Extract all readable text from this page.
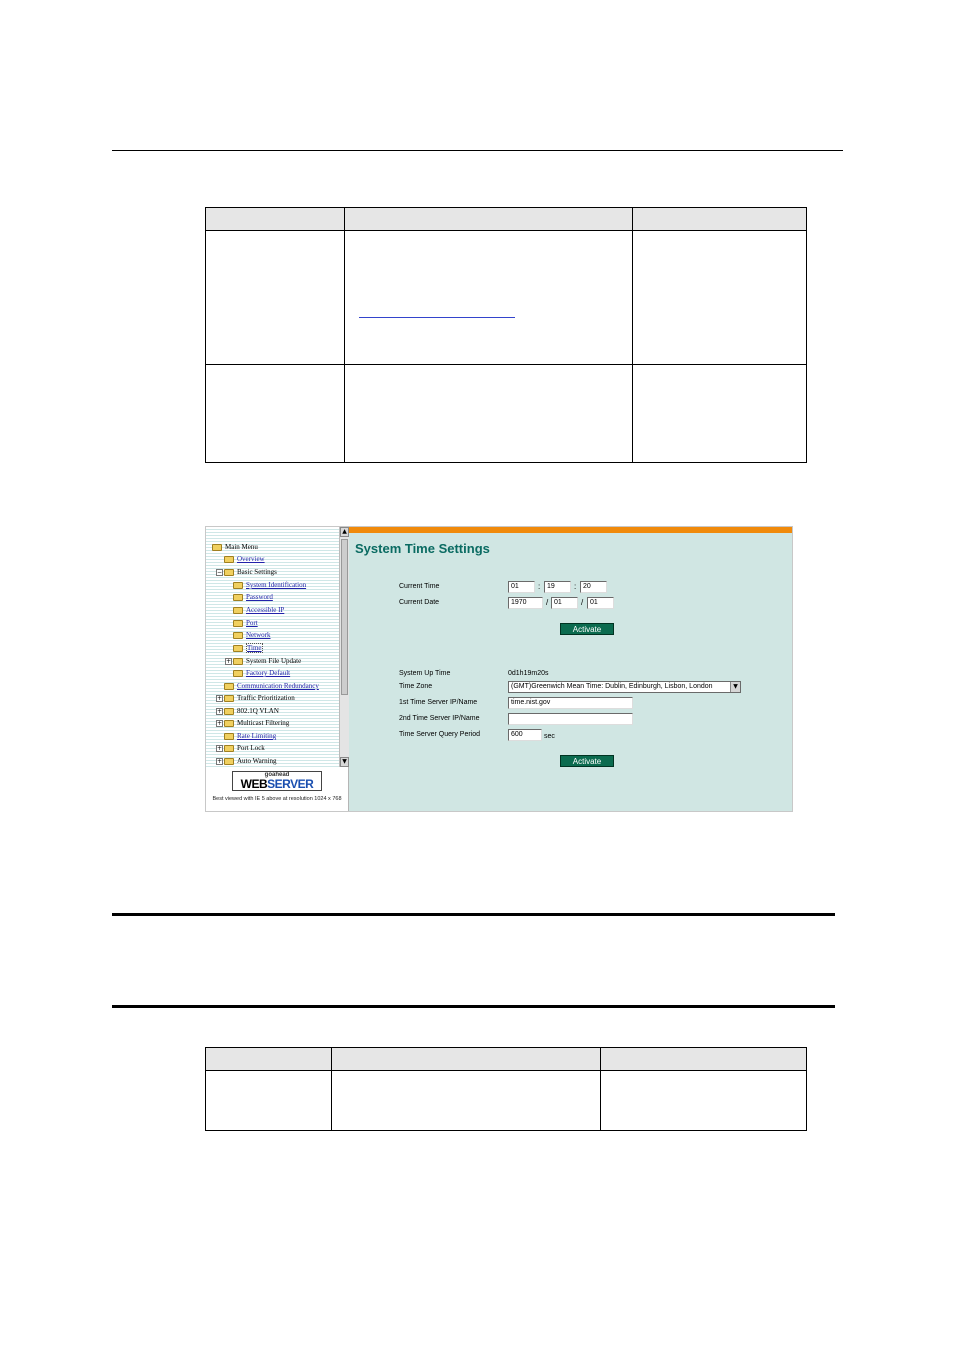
Main Menu
Overview
− Basic Settings
System Identification
Password
Accessible IP
Port
Network
Time
+ System File Update
Factory Default
Communication Redundancy
+ Traffic Prioritization
+ 802.1Q VLAN
+ Multicast Filtering
Rate Limiting
+ Port Lock
+ Auto Warning
▲
▼
goahead
WEBSERVER
Best viewed with IE 5 above at resolution 1024 x 768
System Time Settings
Current Time	01	: 19	: 20
Current Date	1970	/ 01	/ 01
Activate
System Up Time	0d1h19m20s
Time Zone	(GMT)Greenwich Mean Time: Dublin, Edinburgh, Lisbon, London	▼
1st Time Server IP/Name	time.nist.gov
2nd Time Server IP/Name
Time Server Query Period	600	sec
Activate
